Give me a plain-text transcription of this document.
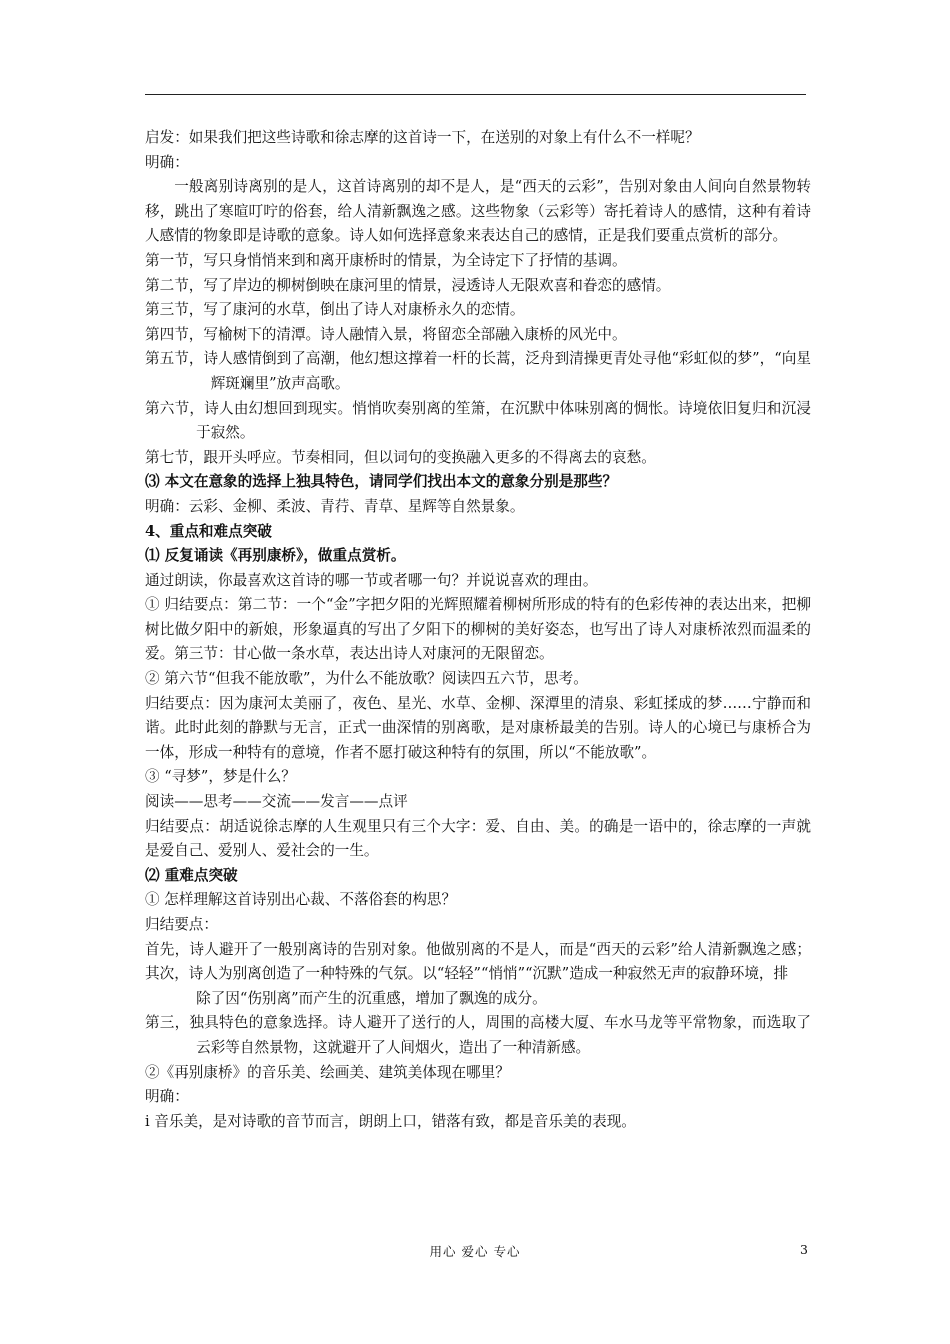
启发：如果我们把这些诗歌和徐志摩的这首诗一下，在送别的对象上有什么不一样呢？

明确：

一般离别诗离别的是人，这首诗离别的却不是人，是“西天的云彩”，告别对象由人间向自然景物转移，跳出了寒暄叮咛的俗套，给人清新飘逸之感。这些物象（云彩等）寄托着诗人的感情，这种有着诗人感情的物象即是诗歌的意象。诗人如何选择意象来表达自己的感情，正是我们要重点赏析的部分。

第一节，写只身悄悄来到和离开康桥时的情景，为全诗定下了抒情的基调。

第二节，写了岸边的柳树倒映在康河里的情景，浸透诗人无限欢喜和眷恋的感情。

第三节，写了康河的水草，倒出了诗人对康桥永久的恋情。

第四节，写榆树下的清潭。诗人融情入景，将留恋全部融入康桥的风光中。

第五节，诗人感情倒到了高潮，他幻想这撑着一杆的长蒿，泛舟到清操更青处寻他“彩虹似的梦”，“向星辉斑斓里”放声高歌。

第六节，诗人由幻想回到现实。悄悄吹奏别离的笙箫，在沉默中体味别离的惆怅。诗境依旧复归和沉浸于寂然。

第七节，跟开头呼应。节奏相同，但以词句的变换融入更多的不得离去的哀愁。

⑶ 本文在意象的选择上独具特色，请同学们找出本文的意象分别是那些？

明确：云彩、金柳、柔波、青荇、青草、星辉等自然景象。

4、重点和难点突破

⑴ 反复诵读《再别康桥》，做重点赏析。

通过朗读，你最喜欢这首诗的哪一节或者哪一句？并说说喜欢的理由。

① 归结要点：第二节：一个“金”字把夕阳的光辉照耀着柳树所形成的特有的色彩传神的表达出来，把柳树比做夕阳中的新娘，形象逼真的写出了夕阳下的柳树的美好姿态，也写出了诗人对康桥浓烈而温柔的爱。第三节：甘心做一条水草，表达出诗人对康河的无限留恋。

② 第六节“但我不能放歌”，为什么不能放歌？阅读四五六节，思考。

归结要点：因为康河太美丽了，夜色、星光、水草、金柳、深潭里的清泉、彩虹揉成的梦……宁静而和谐。此时此刻的静默与无言，正式一曲深情的别离歌，是对康桥最美的告别。诗人的心境已与康桥合为一体，形成一种特有的意境，作者不愿打破这种特有的氛围，所以“不能放歌”。

③ “寻梦”，梦是什么？

阅读——思考——交流——发言——点评

归结要点：胡适说徐志摩的人生观里只有三个大字：爱、自由、美。的确是一语中的，徐志摩的一声就是爱自己、爱别人、爱社会的一生。

⑵ 重难点突破

① 怎样理解这首诗别出心裁、不落俗套的构思？

归结要点：

首先，诗人避开了一般别离诗的告别对象。他做别离的不是人，而是“西天的云彩”给人清新飘逸之感；其次，诗人为别离创造了一种特殊的气氛。以“轻轻”“悄悄”“沉默”造成一种寂然无声的寂静环境，排

除了因“伤别离”而产生的沉重感，增加了飘逸的成分。

第三，独具特色的意象选择。诗人避开了送行的人，周围的高楼大厦、车水马龙等平常物象，而选取了云彩等自然景物，这就避开了人间烟火，造出了一种清新感。

②《再别康桥》的音乐美、绘画美、建筑美体现在哪里？

明确：

ⅰ 音乐美，是对诗歌的音节而言，朗朗上口，错落有致，都是音乐美的表现。

用心 爱心 专心	3
